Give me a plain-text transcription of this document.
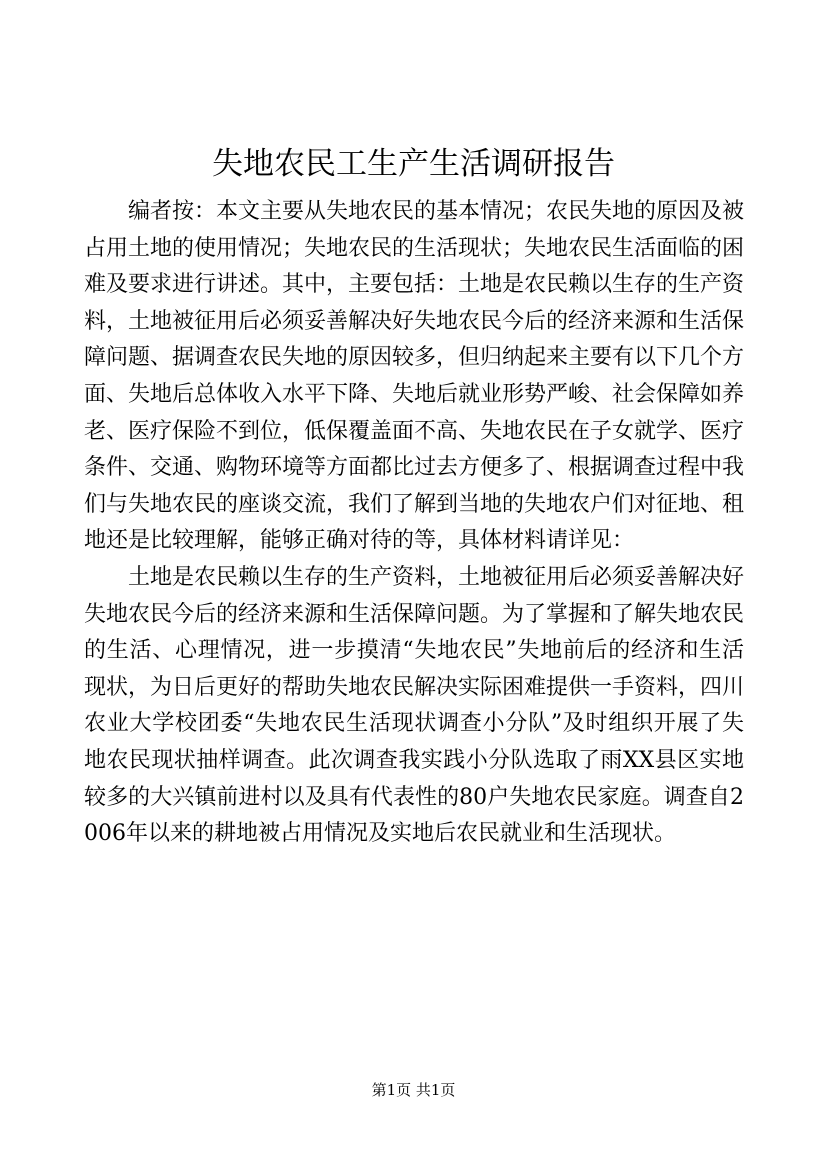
失地农民工生产生活调研报告

编者按：本文主要从失地农民的基本情况；农民失地的原因及被占用土地的使用情况；失地农民的生活现状；失地农民生活面临的困难及要求进行讲述。其中，主要包括：土地是农民赖以生存的生产资料，土地被征用后必须妥善解决好失地农民今后的经济来源和生活保障问题、据调查农民失地的原因较多，但归纳起来主要有以下几个方面、失地后总体收入水平下降、失地后就业形势严峻、社会保障如养老、医疗保险不到位，低保覆盖面不高、失地农民在子女就学、医疗条件、交通、购物环境等方面都比过去方便多了、根据调查过程中我们与失地农民的座谈交流，我们了解到当地的失地农户们对征地、租地还是比较理解，能够正确对待的等，具体材料请详见：

土地是农民赖以生存的生产资料，土地被征用后必须妥善解决好失地农民今后的经济来源和生活保障问题。为了掌握和了解失地农民的生活、心理情况，进一步摸清“失地农民”失地前后的经济和生活现状，为日后更好的帮助失地农民解决实际困难提供一手资料，四川农业大学校团委“失地农民生活现状调查小分队”及时组织开展了失地农民现状抽样调查。此次调查我实践小分队选取了雨XX县区实地较多的大兴镇前进村以及具有代表性的80户失地农民家庭。调查自2006年以来的耕地被占用情况及实地后农民就业和生活现状。

第1页 共1页
